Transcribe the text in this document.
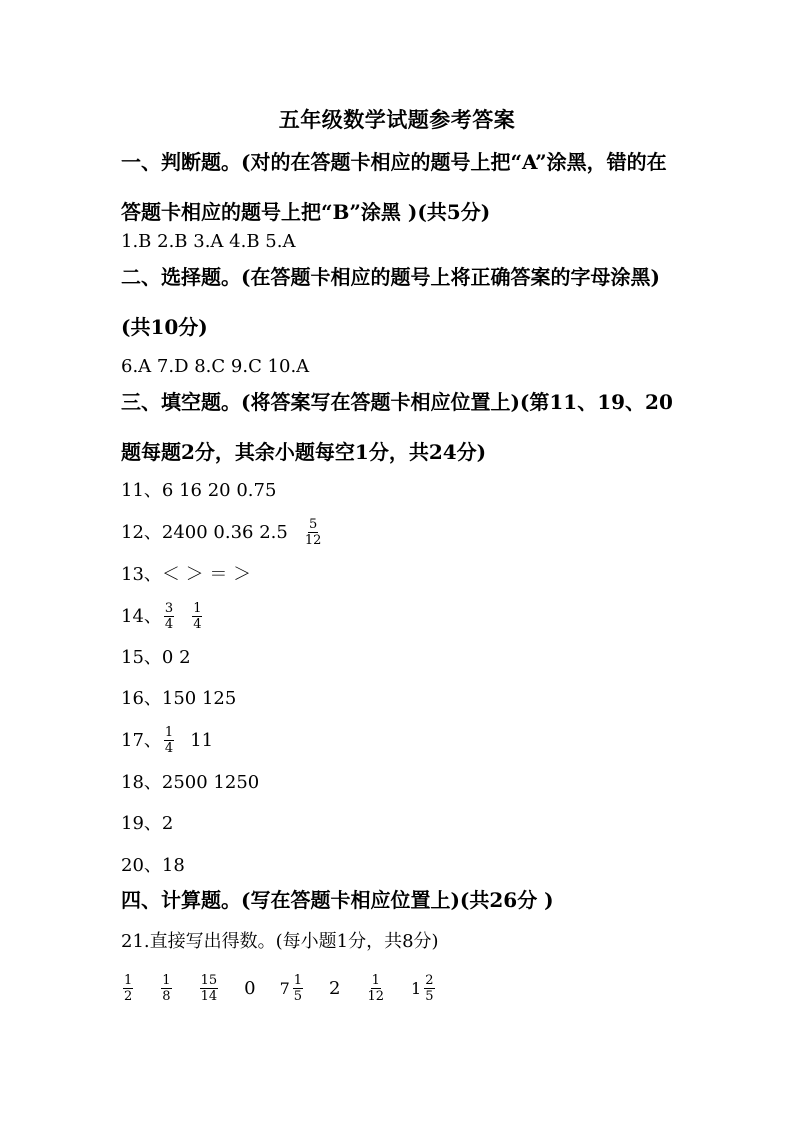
五年级数学试题参考答案
一、判断题。(对的在答题卡相应的题号上把“A”涂黑，错的在答题卡相应的题号上把“B”涂黑 )(共5分)
1.B 2.B 3.A 4.B 5.A
二、选择题。(在答题卡相应的题号上将正确答案的字母涂黑)(共10分)
6.A 7.D 8.C 9.C 10.A
三、填空题。(将答案写在答题卡相应位置上)(第11、19、20题每题2分，其余小题每空1分，共24分)
11、6 16 20 0.75
12、2400 0.36 $2.5 \frac{5}{12}$
13、＜ ＞ ＝ ＞
14、 $\frac{3}{4} \frac{1}{4}$
15、0 2
16、150 125
17、 $\frac{1}{4} 11$
18、2500 1250
19、2
20、18
四、计算题。(写在答题卡相应位置上)(共26分 )
21.直接写出得数。(每小题1分，共8分)
$\frac{1}{2} \frac{1}{8} \frac{15}{14} 0$ $7 \frac{1}{5} 2 \frac{1}{12} 1 \frac{2}{5}$
